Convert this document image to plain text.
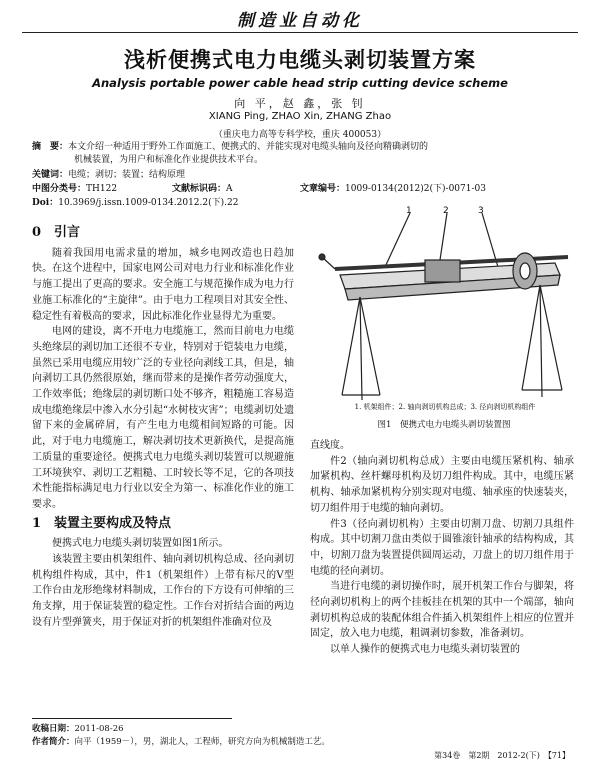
制造业自动化
浅析便携式电力电缆头剥切装置方案
Analysis portable power cable head strip cutting device scheme
向 平，赵 鑫，张 钊
XIANG Ping, ZHAO Xin, ZHANG Zhao
（重庆电力高等专科学校，重庆 400053）
摘　要：本文介绍一种适用于野外工作面施工、便携式的、并能实现对电缆头轴向及径向精确剥切的
机械装置，为用户和标准化作业提供技术平台。
关键词：电缆；剥切；装置；结构原理
中图分类号：TH122	文献标识码：A	文章编号：1009-0134(2012)2(下)-0071-03
Doi：10.3969/j.issn.1009-0134.2012.2(下).22
0　引言

随着我国用电需求量的增加，城乡电网改造也日趋加快。在这个进程中，国家电网公司对电力行业和标准化作业与施工提出了更高的要求。安全施工与规范操作成为电力行业施工标准化的“主旋律”。由于电力工程项目对其安全性、稳定性有着极高的要求，因此标准化作业显得尤为重要。

电网的建设，离不开电力电缆施工，然而目前电力电缆头绝缘层的剥切加工还很不专业，特别对于铠装电力电缆，虽然已采用电缆应用较广泛的专业径向剥线工具，但是，轴向剥切工具仍然很原始，继而带来的是操作者劳动强度大，工作效率低；绝缘层的剥切断口处不够齐，粗糙施工容易造成电缆绝缘层中渗入水分引起“水树枝灾害”；电缆剥切处遗留下来的金属碎屑，有产生电力电缆相间短路的可能。因此，对于电力电缆施工，解决剥切技术更新换代，是提高施工质量的重要途径。便携式电力电缆头剥切装置可以规避施工环境狭窄、剥切工艺粗糙、工时较长等不足，它的各项技术性能指标满足电力行业以安全为第一、标准化作业的施工要求。

1　装置主要构成及特点

便携式电力电缆头剥切装置如图1所示。

该装置主要由机架组件、轴向剥切机构总成、径向剥切机构组件构成，其中，件1（机架组件）上带有标尺的V型工作台由龙形绝缘材料制成，工作台的下方设有可伸缩的三角支撑，用于保证装置的稳定性。工作台对折结合面的两边设有片型弹簧夹，用于保证对折的机架组件准确对位及

1	2	3
1. 机架组件；2. 轴向剥切机构总成；3. 径向剥切机构组件
图1　便携式电力电缆头剥切装置图

直线度。

件2（轴向剥切机构总成）主要由电缆压紧机构、轴承加紧机构、丝杆螺母机构及切刀组件构成。其中，电缆压紧机构、轴承加紧机构分别实现对电缆、轴承座的快速装夹，切刀组件用于电缆的轴向剥切。

件3（径向剥切机构）主要由切割刀盘、切割刀具组件构成。其中切割刀盘由类似于圆锥滚针轴承的结构构成，其中，切割刀盘为装置提供圆周运动，刀盘上的切刀组件用于电缆的径向剥切。

当进行电缆的剥切操作时，展开机架工作台与脚架，将径向剥切机构上的两个挂板挂在机架的其中一个端部，轴向剥切机构总成的装配体组合件插入机架组件上相应的位置并固定，放入电力电缆，粗调剥切参数，准备剥切。

以单人操作的便携式电力电缆头剥切装置的

收稿日期：2011-08-26
作者简介：向平（1959－），男，湖北人，工程师，研究方向为机械制造工艺。
第34卷　第2期　2012-2(下)　【71】
